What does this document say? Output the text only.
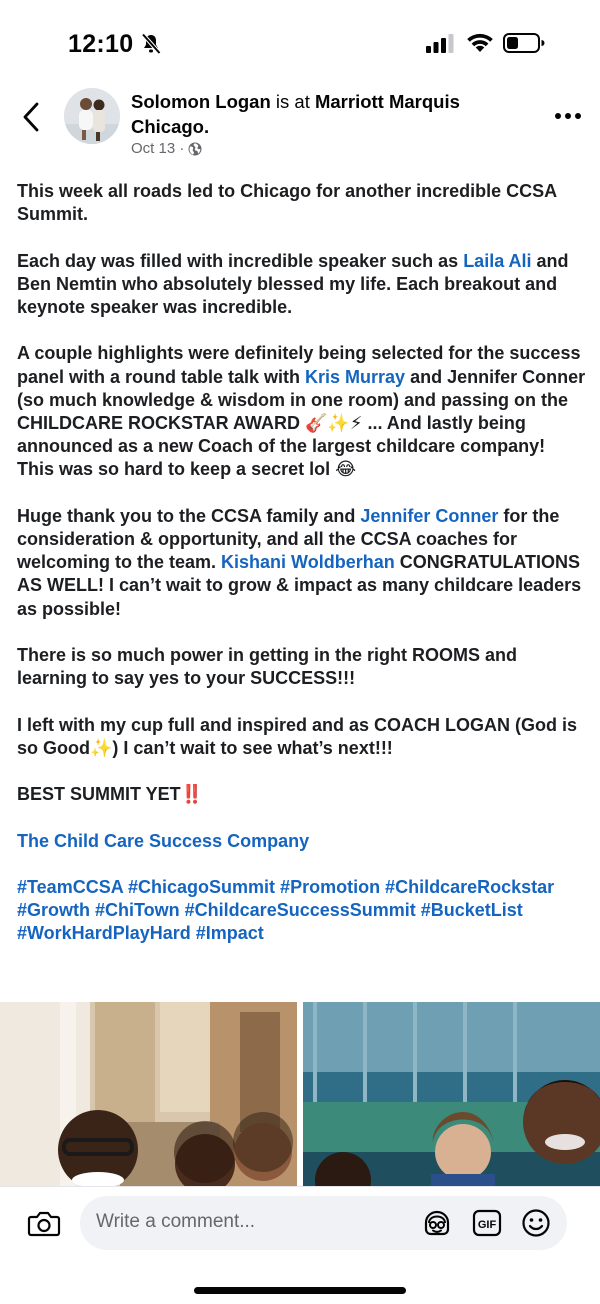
12:10
Solomon Logan is at Marriott Marquis Chicago.
Oct 13 ·

This week all roads led to Chicago for another incredible CCSA Summit.

Each day was filled with incredible speaker such as Laila Ali and Ben Nemtin who absolutely blessed my life. Each breakout and keynote speaker was incredible.

A couple highlights were definitely being selected for the success panel with a round table talk with Kris Murray and Jennifer Conner (so much knowledge & wisdom in one room) and passing on the CHILDCARE ROCKSTAR AWARD 🎸✨⚡ ... And lastly being announced as a new Coach of the largest childcare company! This was so hard to keep a secret lol 😂

Huge thank you to the CCSA family and Jennifer Conner for the consideration & opportunity, and all the CCSA coaches for welcoming to the team. Kishani Woldberhan CONGRATULATIONS AS WELL! I can’t wait to grow & impact as many childcare leaders as possible!

There is so much power in getting in the right ROOMS and learning to say yes to your SUCCESS!!!

I left with my cup full and inspired and as COACH LOGAN (God is so Good✨) I can’t wait to see what’s next!!!

BEST SUMMIT YET‼️

The Child Care Success Company

#TeamCCSA #ChicagoSummit #Promotion #ChildcareRockstar #Growth #ChiTown #ChildcareSuccessSummit #BucketList #WorkHardPlayHard #Impact

Write a comment...	GIF
